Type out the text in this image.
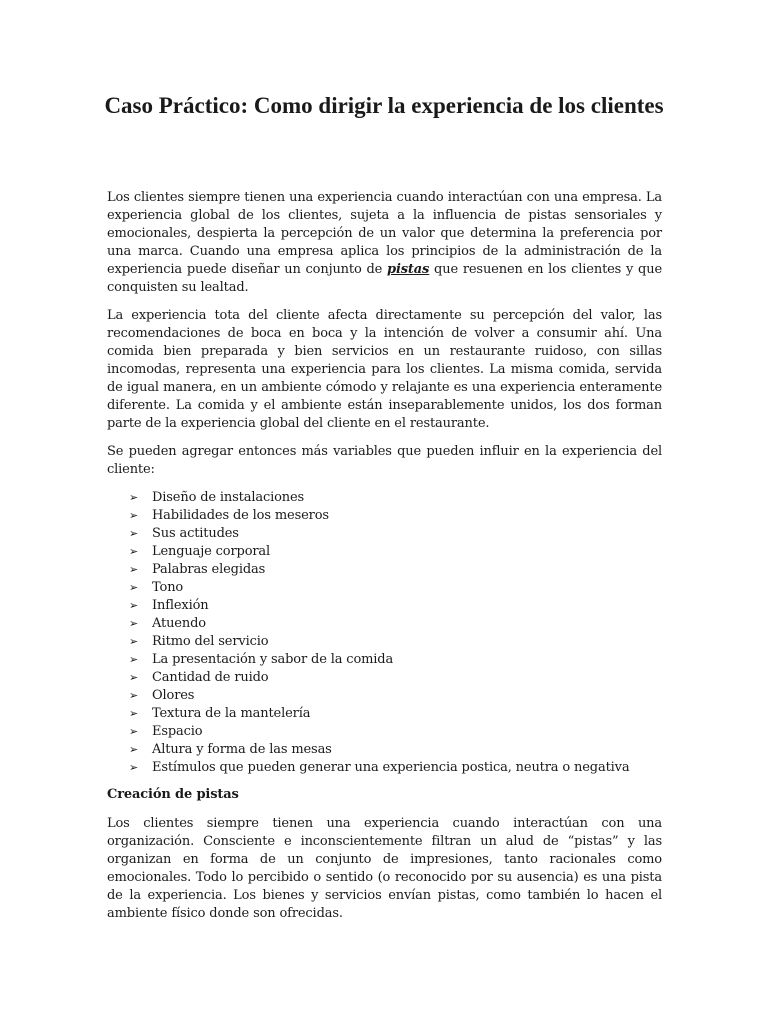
Caso Práctico: Como dirigir la experiencia de los clientes

Los clientes siempre tienen una experiencia cuando interactúan con una empresa. La experiencia global de los clientes, sujeta a la influencia de pistas sensoriales y emocionales, despierta la percepción de un valor que determina la preferencia por una marca. Cuando una empresa aplica los principios de la administración de la experiencia puede diseñar un conjunto de pistas que resuenen en los clientes y que conquisten su lealtad.

La experiencia tota del cliente afecta directamente su percepción del valor, las recomendaciones de boca en boca y la intención de volver a consumir ahí. Una comida bien preparada y bien servicios en un restaurante ruidoso, con sillas incomodas, representa una experiencia para los clientes. La misma comida, servida de igual manera, en un ambiente cómodo y relajante es una experiencia enteramente diferente. La comida y el ambiente están inseparablemente unidos, los dos forman parte de la experiencia global del cliente en el restaurante.

Se pueden agregar entonces más variables que pueden influir en la experiencia del cliente:

➢ Diseño de instalaciones
➢ Habilidades de los meseros
➢ Sus actitudes
➢ Lenguaje corporal
➢ Palabras elegidas
➢ Tono
➢ Inflexión
➢ Atuendo
➢ Ritmo del servicio
➢ La presentación y sabor de la comida
➢ Cantidad de ruido
➢ Olores
➢ Textura de la mantelería
➢ Espacio
➢ Altura y forma de las mesas
➢ Estímulos que pueden generar una experiencia postica, neutra o negativa
Creación de pistas

Los clientes siempre tienen una experiencia cuando interactúan con una organización. Consciente e inconscientemente filtran un alud de “pistas” y las organizan en forma de un conjunto de impresiones, tanto racionales como emocionales. Todo lo percibido o sentido (o reconocido por su ausencia) es una pista de la experiencia. Los bienes y servicios envían pistas, como también lo hacen el ambiente físico donde son ofrecidas.
